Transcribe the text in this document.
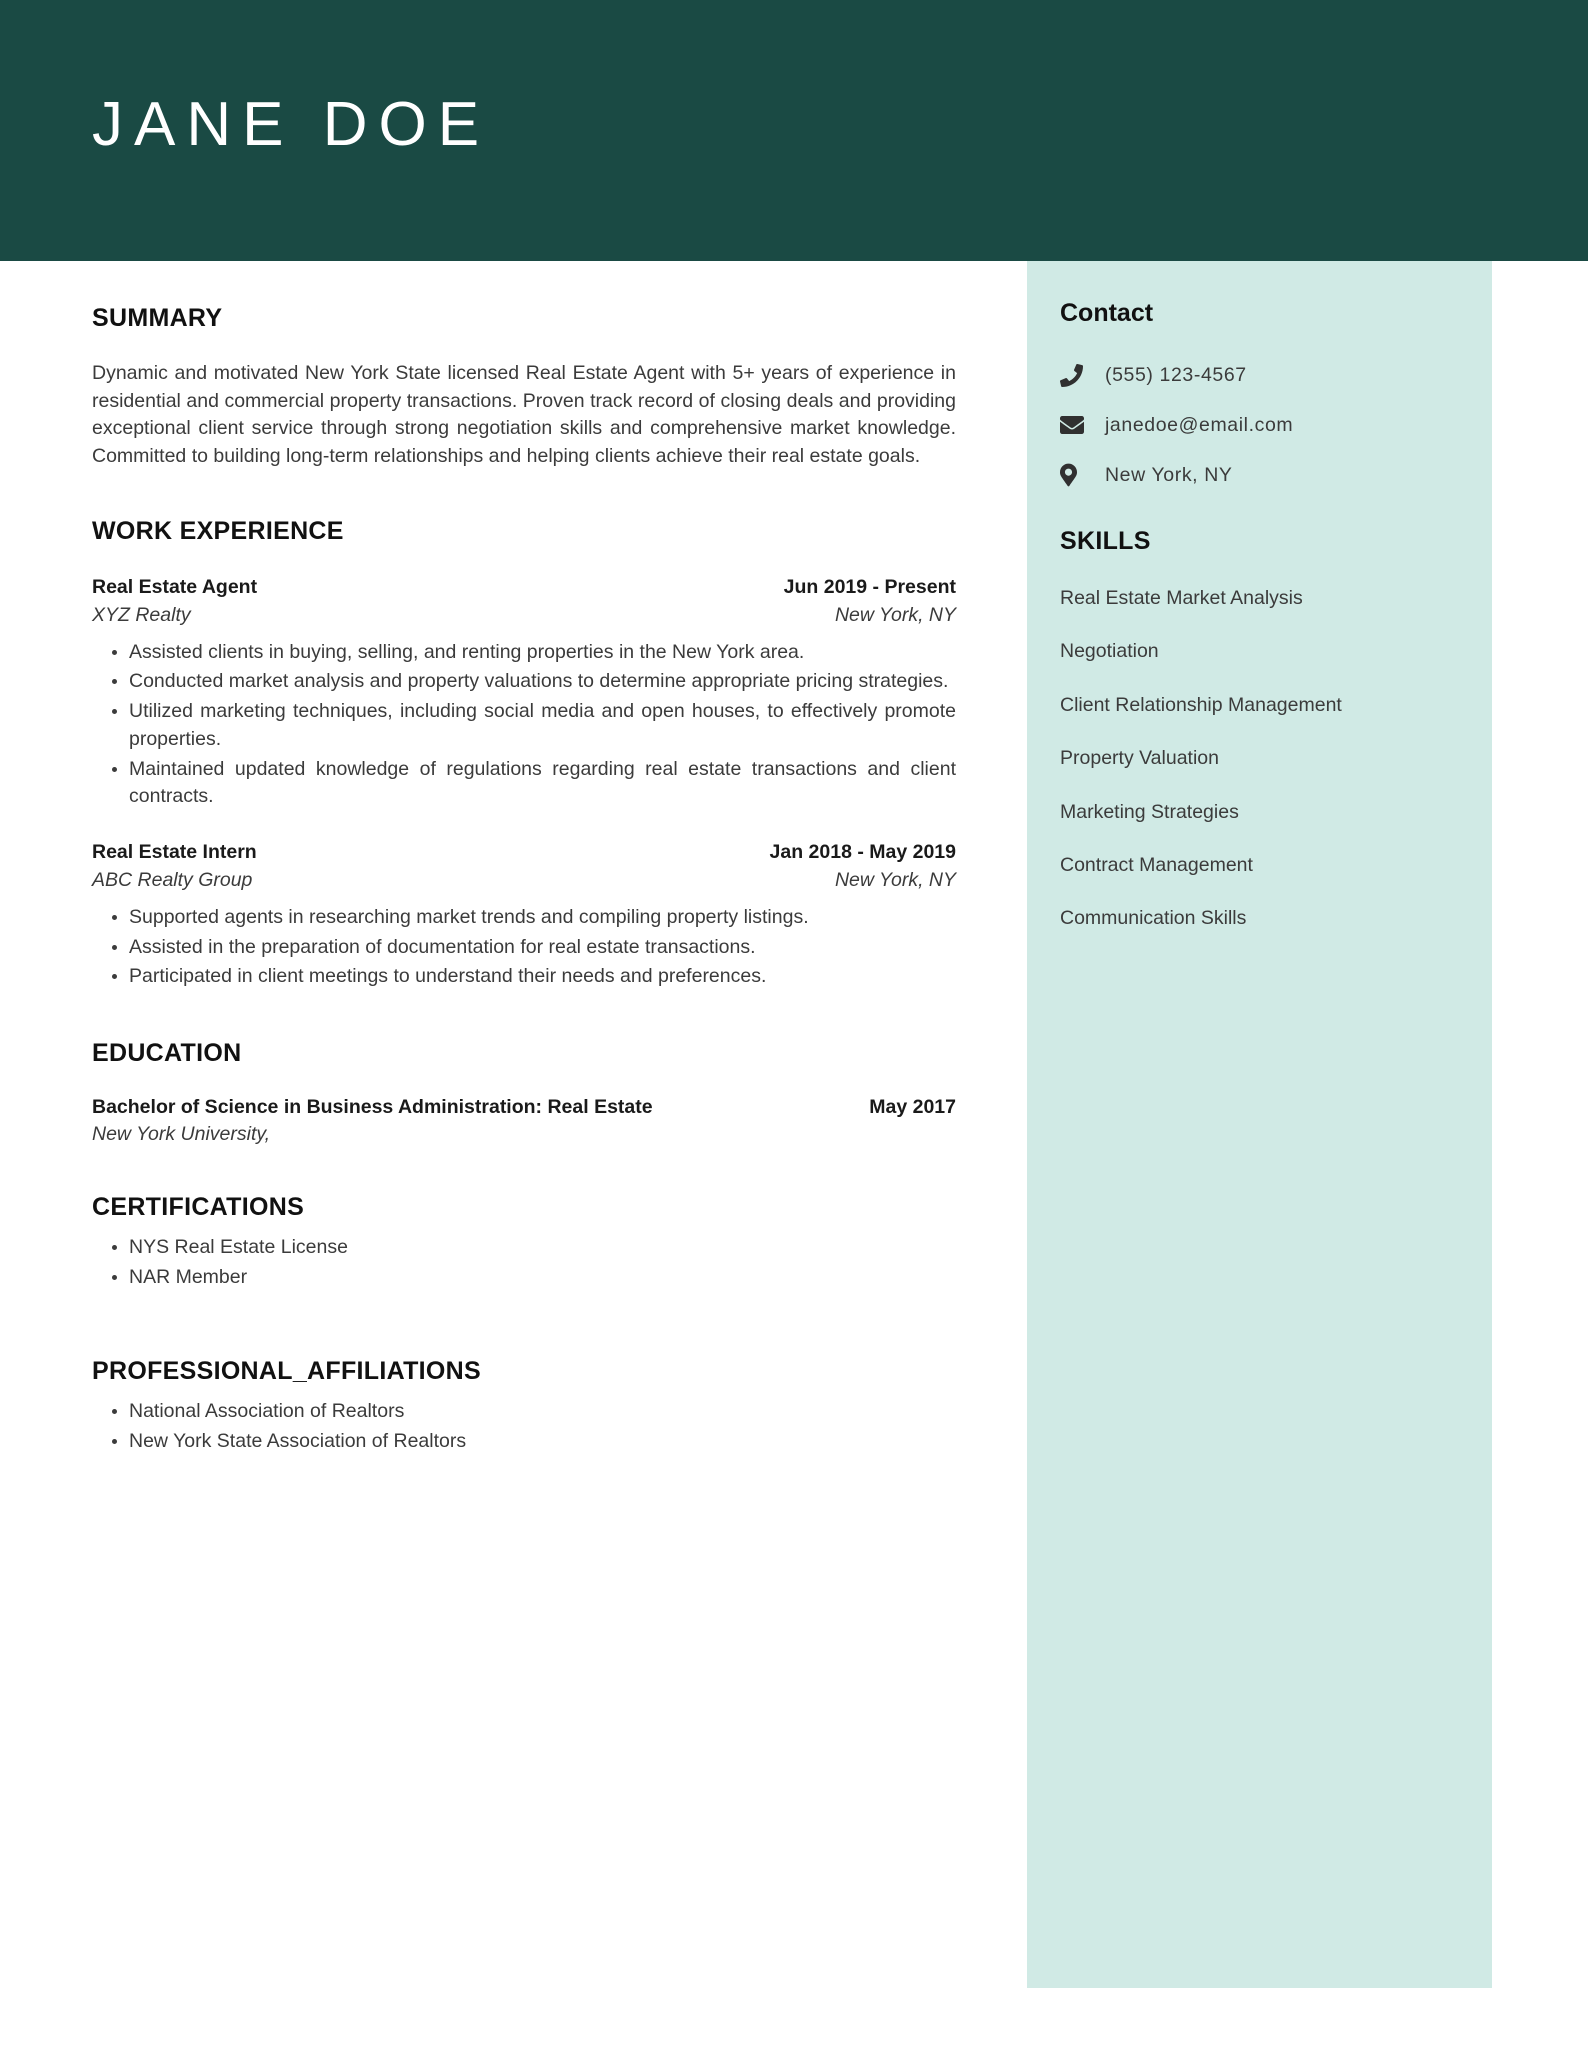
JANE DOE
SUMMARY

Dynamic and motivated New York State licensed Real Estate Agent with 5+ years of experience in residential and commercial property transactions. Proven track record of closing deals and providing exceptional client service through strong negotiation skills and comprehensive market knowledge. Committed to building long-term relationships and helping clients achieve their real estate goals.

WORK EXPERIENCE
Real Estate Agent	Jun 2019 - Present
XYZ Realty	New York, NY
• Assisted clients in buying, selling, and renting properties in the New York area.
• Conducted market analysis and property valuations to determine appropriate pricing strategies.
• Utilized marketing techniques, including social media and open houses, to effectively promote properties.
• Maintained updated knowledge of regulations regarding real estate transactions and client contracts.
Real Estate Intern	Jan 2018 - May 2019
ABC Realty Group	New York, NY
• Supported agents in researching market trends and compiling property listings.
• Assisted in the preparation of documentation for real estate transactions.
• Participated in client meetings to understand their needs and preferences.
EDUCATION
Bachelor of Science in Business Administration: Real Estate	May 2017
New York University,
CERTIFICATIONS
• NYS Real Estate License
• NAR Member
PROFESSIONAL_AFFILIATIONS
• National Association of Realtors
• New York State Association of Realtors
Contact
(555) 123-4567
janedoe@email.com
New York, NY
SKILLS
Real Estate Market Analysis
Negotiation
Client Relationship Management
Property Valuation
Marketing Strategies
Contract Management
Communication Skills
